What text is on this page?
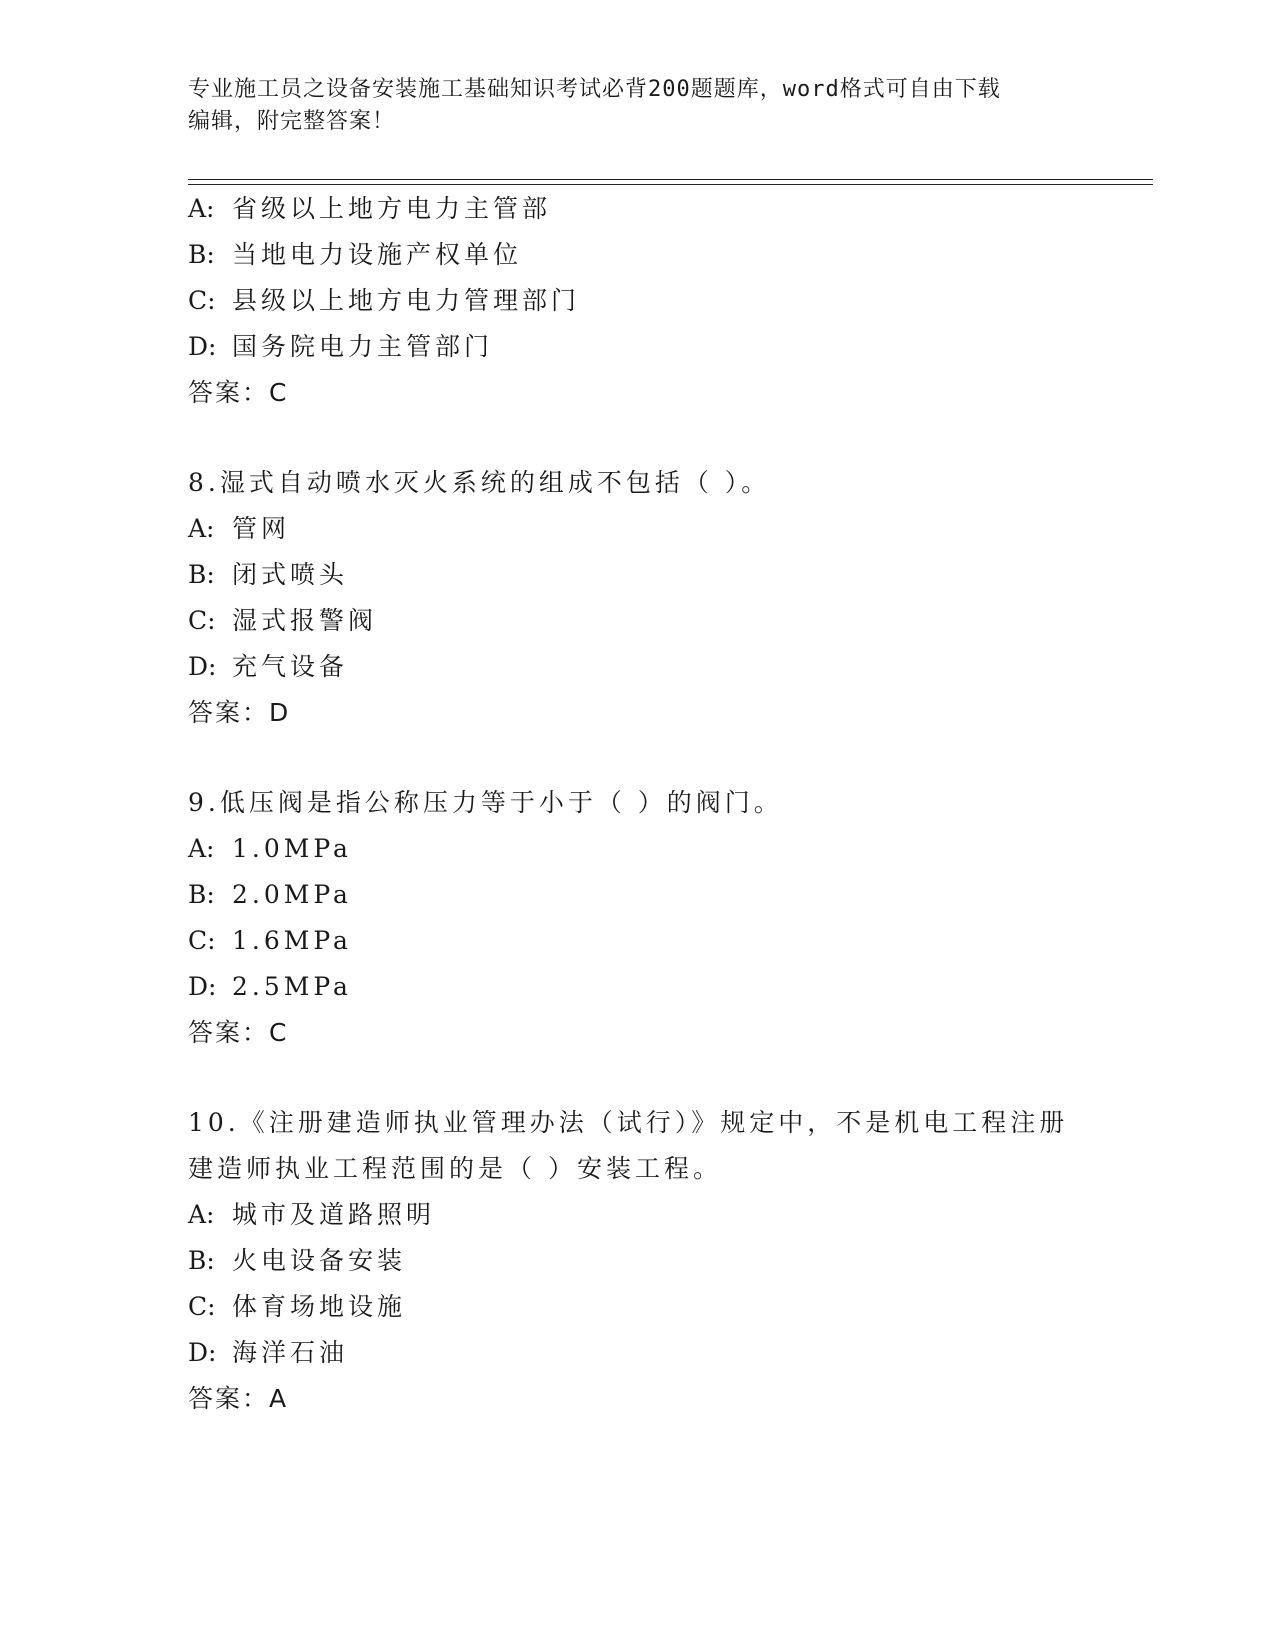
专业施工员之设备安装施工基础知识考试必背200题题库，word格式可自由下载
编辑，附完整答案！
A: 省级以上地方电力主管部
B: 当地电力设施产权单位
C: 县级以上地方电力管理部门
D: 国务院电力主管部门
答案：C
8.湿式自动喷水灭火系统的组成不包括（ ）。
A: 管网
B: 闭式喷头
C: 湿式报警阀
D: 充气设备
答案：D
9.低压阀是指公称压力等于小于（ ）的阀门。
A: 1.0MPa
B: 2.0MPa
C: 1.6MPa
D: 2.5MPa
答案：C
10.《注册建造师执业管理办法（试行）》规定中，不是机电工程注册
建造师执业工程范围的是（ ）安装工程。
A: 城市及道路照明
B: 火电设备安装
C: 体育场地设施
D: 海洋石油
答案：A
